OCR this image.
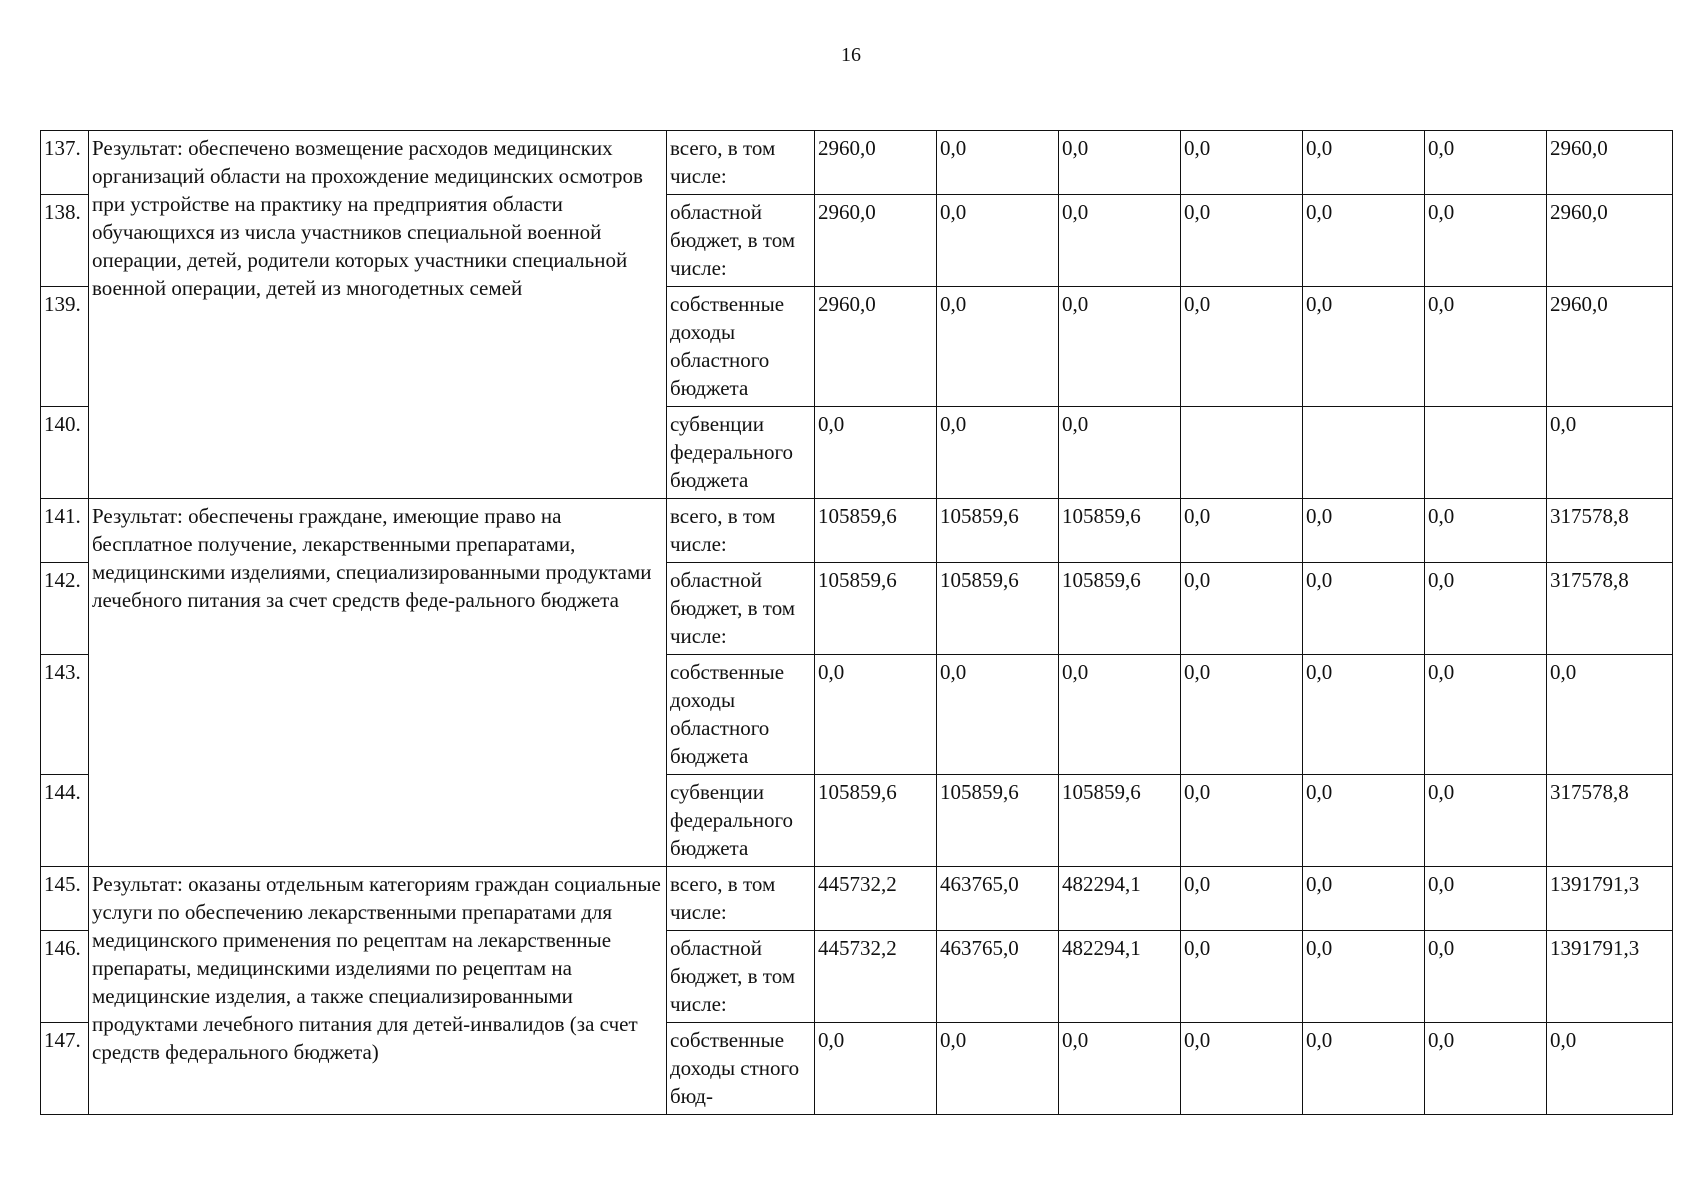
16
137.	Результат: обеспечено возмещение расходов медицинских организаций области на прохождение медицинских осмотров при устройстве на практику на предприятия области обучающихся из числа участников специальной военной операции, детей, родители которых участники специальной военной операции, детей из многодетных семей	всего, в том числе:	2960,0	0,0	0,0	0,0	0,0	0,0	2960,0
138.		областной бюджет, в том числе:	2960,0	0,0	0,0	0,0	0,0	0,0	2960,0
139.		собственные доходы областного бюджета	2960,0	0,0	0,0	0,0	0,0	0,0	2960,0
140.		субвенции федерального бюджета	0,0	0,0	0,0				0,0
141.	Результат: обеспечены граждане, имеющие право на бесплатное получение, лекарственными препаратами, медицинскими изделиями, специализированными продуктами лечебного питания за счет средств феде-рального бюджета	всего, в том числе:	105859,6	105859,6	105859,6	0,0	0,0	0,0	317578,8
142.		областной бюджет, в том числе:	105859,6	105859,6	105859,6	0,0	0,0	0,0	317578,8
143.		собственные доходы областного бюджета	0,0	0,0	0,0	0,0	0,0	0,0	0,0
144.		субвенции федерального бюджета	105859,6	105859,6	105859,6	0,0	0,0	0,0	317578,8
145.	Результат: оказаны отдельным категориям граждан социальные услуги по обеспечению лекарственными препаратами для медицинского применения по рецептам на лекарственные препараты, медицинскими изделиями по рецептам на медицинские изделия, а также специализированными продуктами лечебного питания для детей-инвалидов (за счет средств федерального бюджета)	всего, в том числе:	445732,2	463765,0	482294,1	0,0	0,0	0,0	1391791,3
146.		областной бюджет, в том числе:	445732,2	463765,0	482294,1	0,0	0,0	0,0	1391791,3
147.		собственные доходы стного бюд-	0,0	0,0	0,0	0,0	0,0	0,0	0,0
